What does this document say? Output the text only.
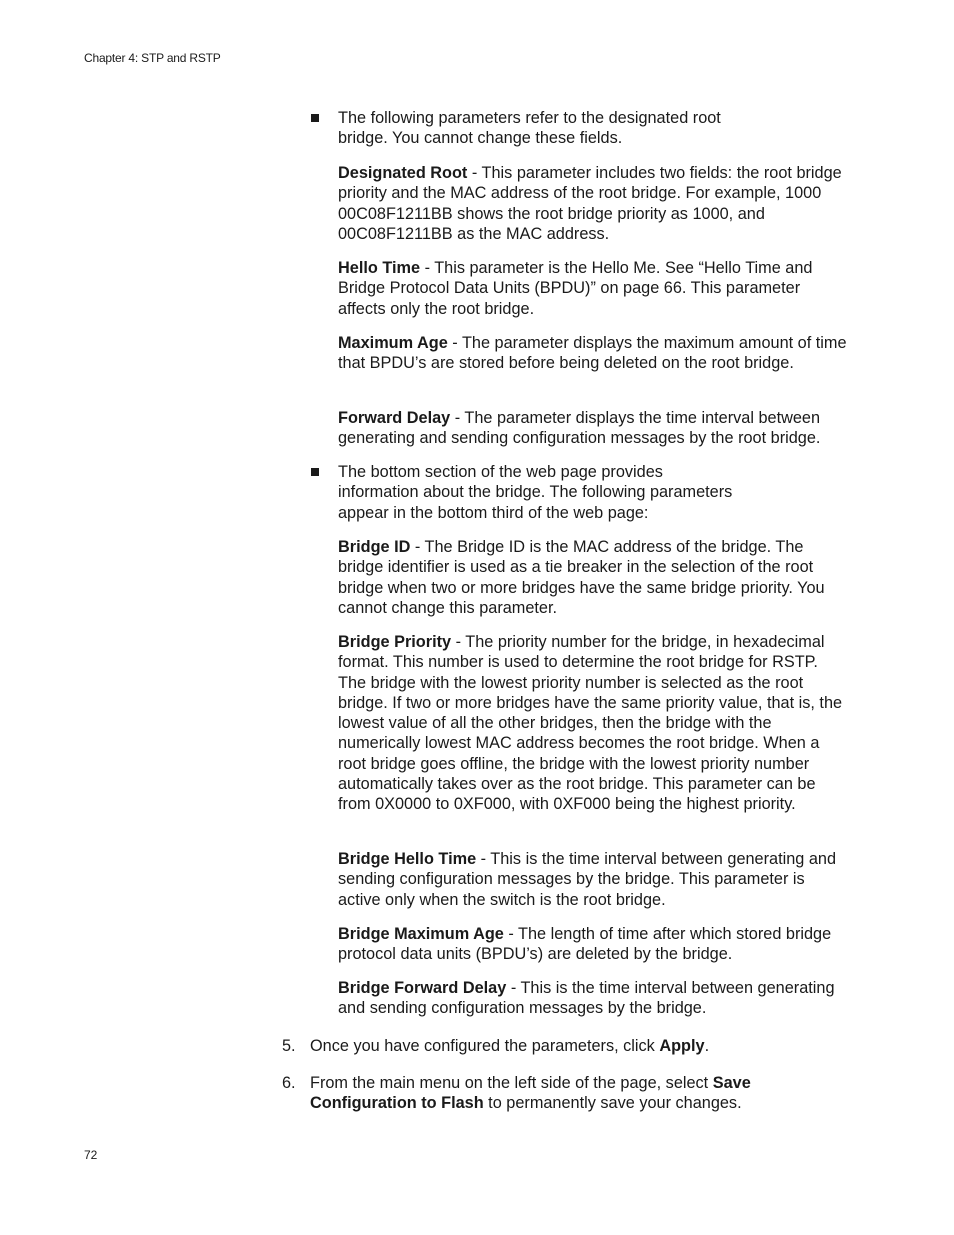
Chapter 4: STP and RSTP
The following parameters refer to the designated root
bridge. You cannot change these fields.
Designated Root - This parameter includes two fields: the root bridge priority and the MAC address of the root bridge. For example, 1000 00C08F1211BB shows the root bridge priority as 1000, and 00C08F1211BB as the MAC address.
Hello Time - This parameter is the Hello Me. See “Hello Time and Bridge Protocol Data Units (BPDU)” on page 66. This parameter affects only the root bridge.
Maximum Age - The parameter displays the maximum amount of time that BPDU’s are stored before being deleted on the root bridge.
Forward Delay - The parameter displays the time interval between generating and sending configuration messages by the root bridge.
The bottom section of the web page provides
information about the bridge. The following parameters
appear in the bottom third of the web page:
Bridge ID - The Bridge ID is the MAC address of the bridge. The bridge identifier is used as a tie breaker in the selection of the root bridge when two or more bridges have the same bridge priority. You cannot change this parameter.
Bridge Priority - The priority number for the bridge, in hexadecimal format. This number is used to determine the root bridge for RSTP. The bridge with the lowest priority number is selected as the root bridge. If two or more bridges have the same priority value, that is, the lowest value of all the other bridges, then the bridge with the numerically lowest MAC address becomes the root bridge. When a root bridge goes offline, the bridge with the lowest priority number automatically takes over as the root bridge. This parameter can be from 0X0000 to 0XF000, with 0XF000 being the highest priority.
Bridge Hello Time - This is the time interval between generating and sending configuration messages by the bridge. This parameter is active only when the switch is the root bridge.
Bridge Maximum Age - The length of time after which stored bridge protocol data units (BPDU’s) are deleted by the bridge.
Bridge Forward Delay - This is the time interval between generating and sending configuration messages by the bridge.
5. Once you have configured the parameters, click Apply.
6. From the main menu on the left side of the page, select Save Configuration to Flash to permanently save your changes.
72
